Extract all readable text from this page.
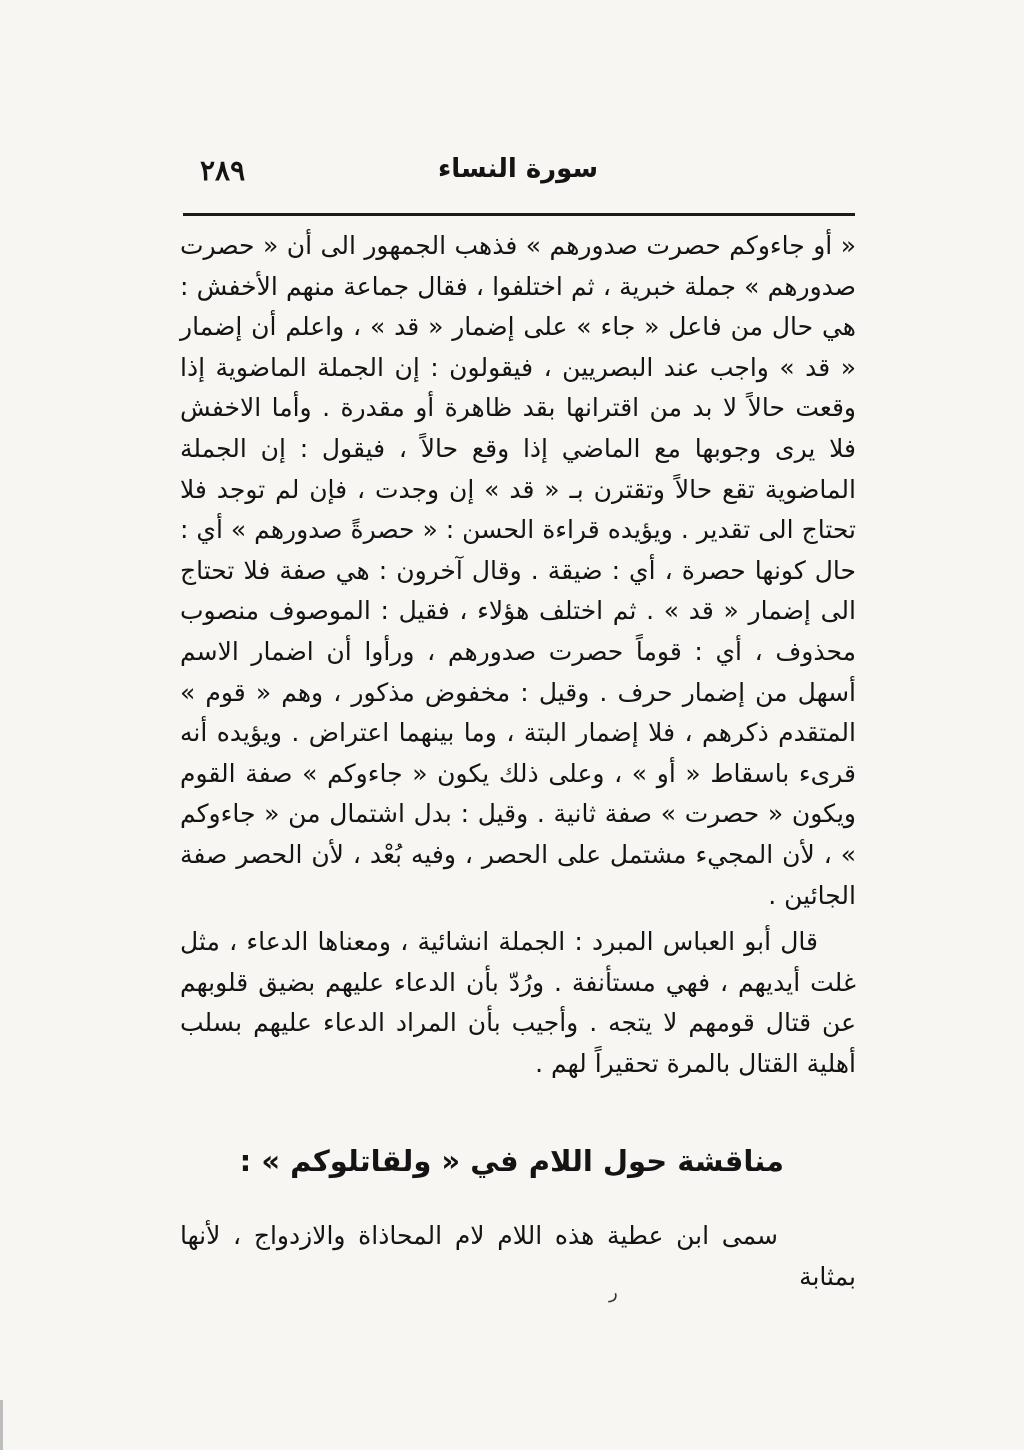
٢٨٩	سورة النساء

« أو جاءوكم حصرت صدورهم » فذهب الجمهور الى أن « حصرت صدورهم » جملة خبرية ، ثم اختلفوا ، فقال جماعة منهم الأخفش : هي حال من فاعل « جاء » على إضمار « قد » ، واعلم أن إضمار « قد » واجب عند البصريين ، فيقولون : إن الجملة الماضوية إذا وقعت حالاً لا بد من اقترانها بقد ظاهرة أو مقدرة . وأما الاخفش فلا يرى وجوبها مع الماضي إذا وقع حالاً ، فيقول : إن الجملة الماضوية تقع حالاً وتقترن بـ « قد » إن وجدت ، فإن لم توجد فلا تحتاج الى تقدير . ويؤيده قراءة الحسن : « حصرةً صدورهم » أي : حال كونها حصرة ، أي : ضيقة . وقال آخرون : هي صفة فلا تحتاج الى إضمار « قد » . ثم اختلف هؤلاء ، فقيل : الموصوف منصوب محذوف ، أي : قوماً حصرت صدورهم ، ورأوا أن اضمار الاسم أسهل من إضمار حرف . وقيل : مخفوض مذكور ، وهم « قوم » المتقدم ذكرهم ، فلا إضمار البتة ، وما بينهما اعتراض . ويؤيده أنه قرىء باسقاط « أو » ، وعلى ذلك يكون « جاءوكم » صفة القوم ويكون « حصرت » صفة ثانية . وقيل : بدل اشتمال من « جاءوكم » ، لأن المجيء مشتمل على الحصر ، وفيه بُعْد ، لأن الحصر صفة الجائين .

قال أبو العباس المبرد : الجملة انشائية ، ومعناها الدعاء ، مثل غلت أيديهم ، فهي مستأنفة . ورُدّ بأن الدعاء عليهم بضيق قلوبهم عن قتال قومهم لا يتجه . وأجيب بأن المراد الدعاء عليهم بسلب أهلية القتال بالمرة تحقيراً لهم .

مناقشة حول اللام في « ولقاتلوكم » :

سمى ابن عطية هذه اللام لام المحاذاة والازدواج ، لأنها بمثابة

ر
